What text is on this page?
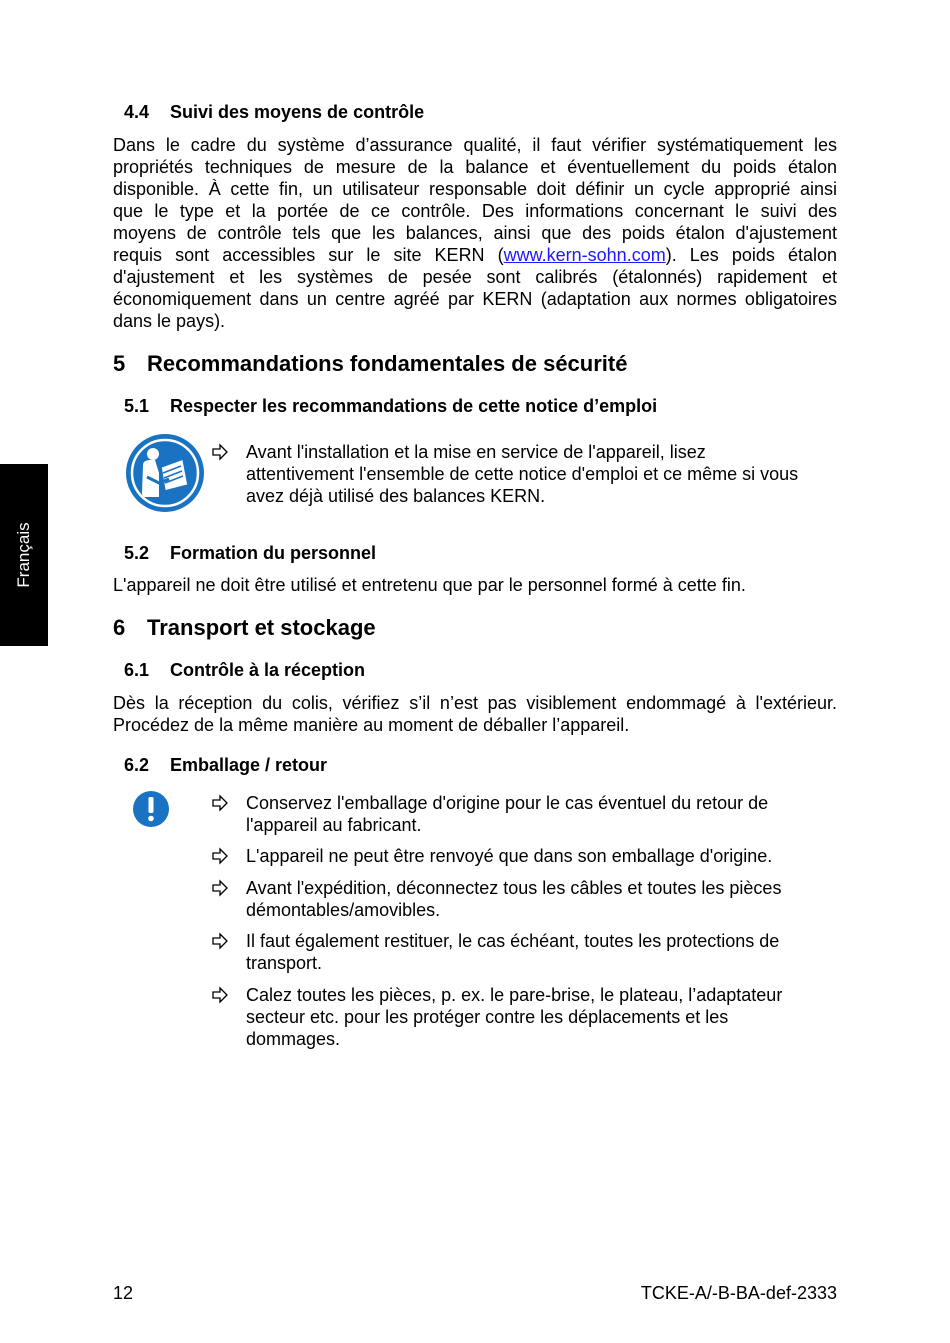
Français
4.4 Suivi des moyens de contrôle
Dans le cadre du système d’assurance qualité, il faut vérifier systématiquement les
propriétés techniques de mesure de la balance et éventuellement du poids étalon
disponible. À cette fin, un utilisateur responsable doit définir un cycle approprié ainsi
que le type et la portée de ce contrôle. Des informations concernant le suivi des
moyens de contrôle tels que les balances, ainsi que des poids étalon d'ajustement
requis sont accessibles sur le site KERN (www.kern-sohn.com). Les poids étalon
d'ajustement et les systèmes de pesée sont calibrés (étalonnés) rapidement et
économiquement dans un centre agréé par KERN (adaptation aux normes obligatoires
dans le pays).
5 Recommandations fondamentales de sécurité
5.1 Respecter les recommandations de cette notice d’emploi
Avant l'installation et la mise en service de l'appareil, lisez
attentivement l'ensemble de cette notice d'emploi et ce même si vous
avez déjà utilisé des balances KERN.
5.2 Formation du personnel
L'appareil ne doit être utilisé et entretenu que par le personnel formé à cette fin.
6 Transport et stockage
6.1 Contrôle à la réception
Dès la réception du colis, vérifiez s’il n’est pas visiblement endommagé à l'extérieur.
Procédez de la même manière au moment de déballer l’appareil.
6.2 Emballage / retour
Conservez l'emballage d'origine pour le cas éventuel du retour de
l'appareil au fabricant.
L'appareil ne peut être renvoyé que dans son emballage d'origine.
Avant l'expédition, déconnectez tous les câbles et toutes les pièces
démontables/amovibles.
Il faut également restituer, le cas échéant, toutes les protections de
transport.
Calez toutes les pièces, p. ex. le pare-brise, le plateau, l’adaptateur
secteur etc. pour les protéger contre les déplacements et les
dommages.
12	TCKE-A/-B-BA-def-2333
